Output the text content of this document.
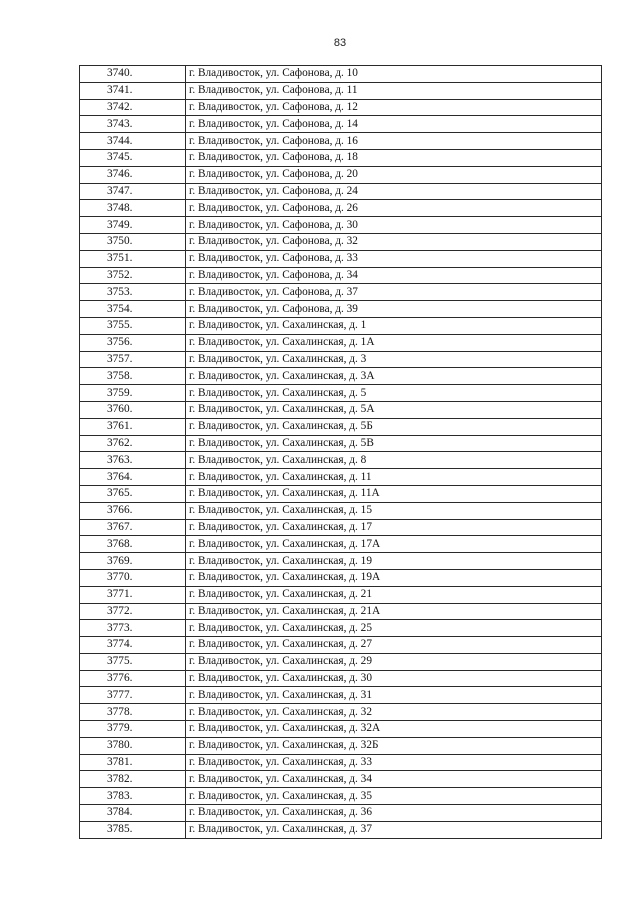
83
3740.	г. Владивосток, ул. Сафонова, д. 10
3741.	г. Владивосток, ул. Сафонова, д. 11
3742.	г. Владивосток, ул. Сафонова, д. 12
3743.	г. Владивосток, ул. Сафонова, д. 14
3744.	г. Владивосток, ул. Сафонова, д. 16
3745.	г. Владивосток, ул. Сафонова, д. 18
3746.	г. Владивосток, ул. Сафонова, д. 20
3747.	г. Владивосток, ул. Сафонова, д. 24
3748.	г. Владивосток, ул. Сафонова, д. 26
3749.	г. Владивосток, ул. Сафонова, д. 30
3750.	г. Владивосток, ул. Сафонова, д. 32
3751.	г. Владивосток, ул. Сафонова, д. 33
3752.	г. Владивосток, ул. Сафонова, д. 34
3753.	г. Владивосток, ул. Сафонова, д. 37
3754.	г. Владивосток, ул. Сафонова, д. 39
3755.	г. Владивосток, ул. Сахалинская, д. 1
3756.	г. Владивосток, ул. Сахалинская, д. 1А
3757.	г. Владивосток, ул. Сахалинская, д. 3
3758.	г. Владивосток, ул. Сахалинская, д. 3А
3759.	г. Владивосток, ул. Сахалинская, д. 5
3760.	г. Владивосток, ул. Сахалинская, д. 5А
3761.	г. Владивосток, ул. Сахалинская, д. 5Б
3762.	г. Владивосток, ул. Сахалинская, д. 5В
3763.	г. Владивосток, ул. Сахалинская, д. 8
3764.	г. Владивосток, ул. Сахалинская, д. 11
3765.	г. Владивосток, ул. Сахалинская, д. 11А
3766.	г. Владивосток, ул. Сахалинская, д. 15
3767.	г. Владивосток, ул. Сахалинская, д. 17
3768.	г. Владивосток, ул. Сахалинская, д. 17А
3769.	г. Владивосток, ул. Сахалинская, д. 19
3770.	г. Владивосток, ул. Сахалинская, д. 19А
3771.	г. Владивосток, ул. Сахалинская, д. 21
3772.	г. Владивосток, ул. Сахалинская, д. 21А
3773.	г. Владивосток, ул. Сахалинская, д. 25
3774.	г. Владивосток, ул. Сахалинская, д. 27
3775.	г. Владивосток, ул. Сахалинская, д. 29
3776.	г. Владивосток, ул. Сахалинская, д. 30
3777.	г. Владивосток, ул. Сахалинская, д. 31
3778.	г. Владивосток, ул. Сахалинская, д. 32
3779.	г. Владивосток, ул. Сахалинская, д. 32А
3780.	г. Владивосток, ул. Сахалинская, д. 32Б
3781.	г. Владивосток, ул. Сахалинская, д. 33
3782.	г. Владивосток, ул. Сахалинская, д. 34
3783.	г. Владивосток, ул. Сахалинская, д. 35
3784.	г. Владивосток, ул. Сахалинская, д. 36
3785.	г. Владивосток, ул. Сахалинская, д. 37
